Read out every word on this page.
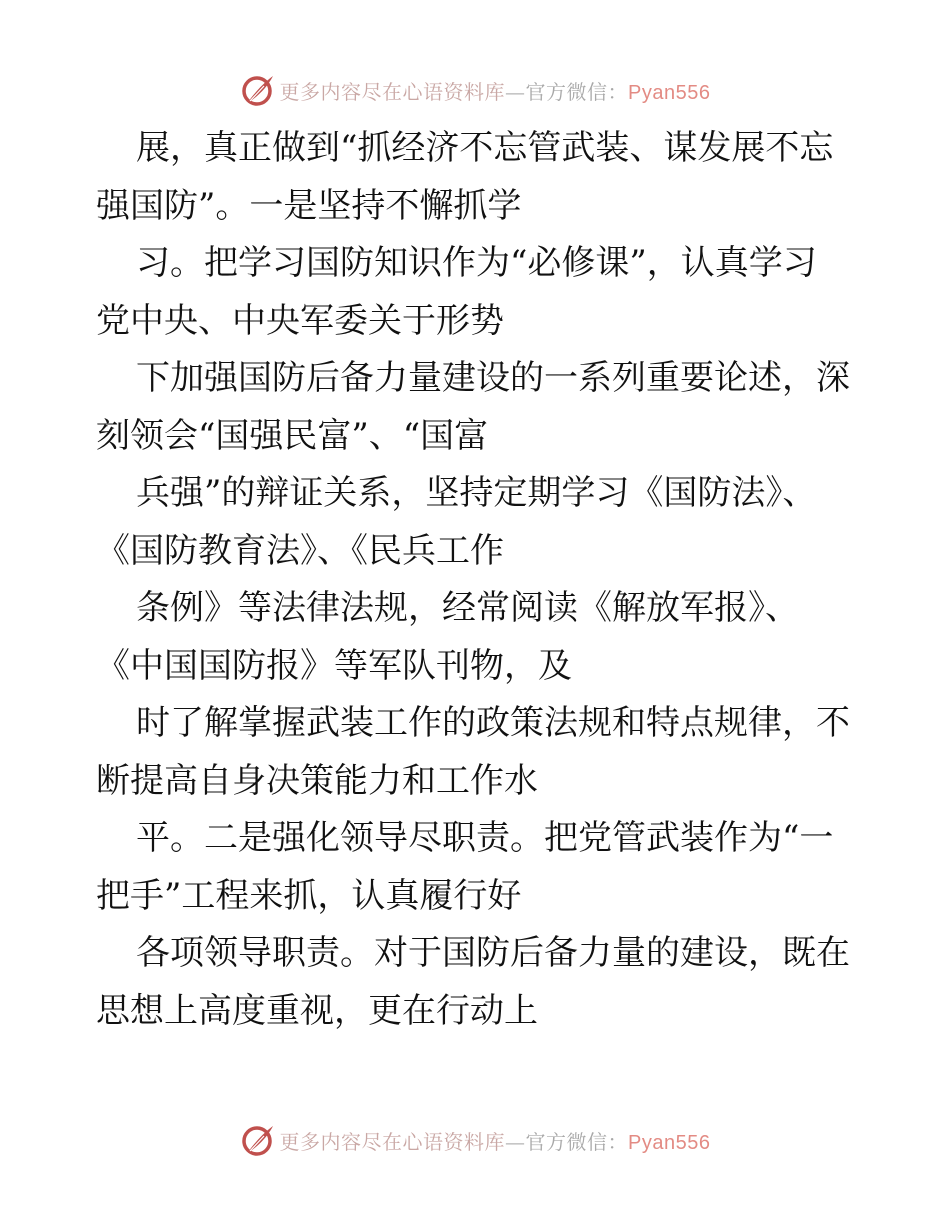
更多内容尽在心语资料库—官方微信：Pyan556
展，真正做到“抓经济不忘管武装、谋发展不忘
强国防”。一是坚持不懈抓学
习。把学习国防知识作为“必修课”，认真学习
党中央、中央军委关于形势
下加强国防后备力量建设的一系列重要论述，深
刻领会“国强民富”、“国富
兵强”的辩证关系，坚持定期学习《国防法》、
《国防教育法》、《民兵工作
条例》等法律法规，经常阅读《解放军报》、
《中国国防报》等军队刊物，及
时了解掌握武装工作的政策法规和特点规律，不
断提高自身决策能力和工作水
平。二是强化领导尽职责。把党管武装作为“一
把手”工程来抓，认真履行好
各项领导职责。对于国防后备力量的建设，既在
思想上高度重视，更在行动上
更多内容尽在心语资料库—官方微信：Pyan556
